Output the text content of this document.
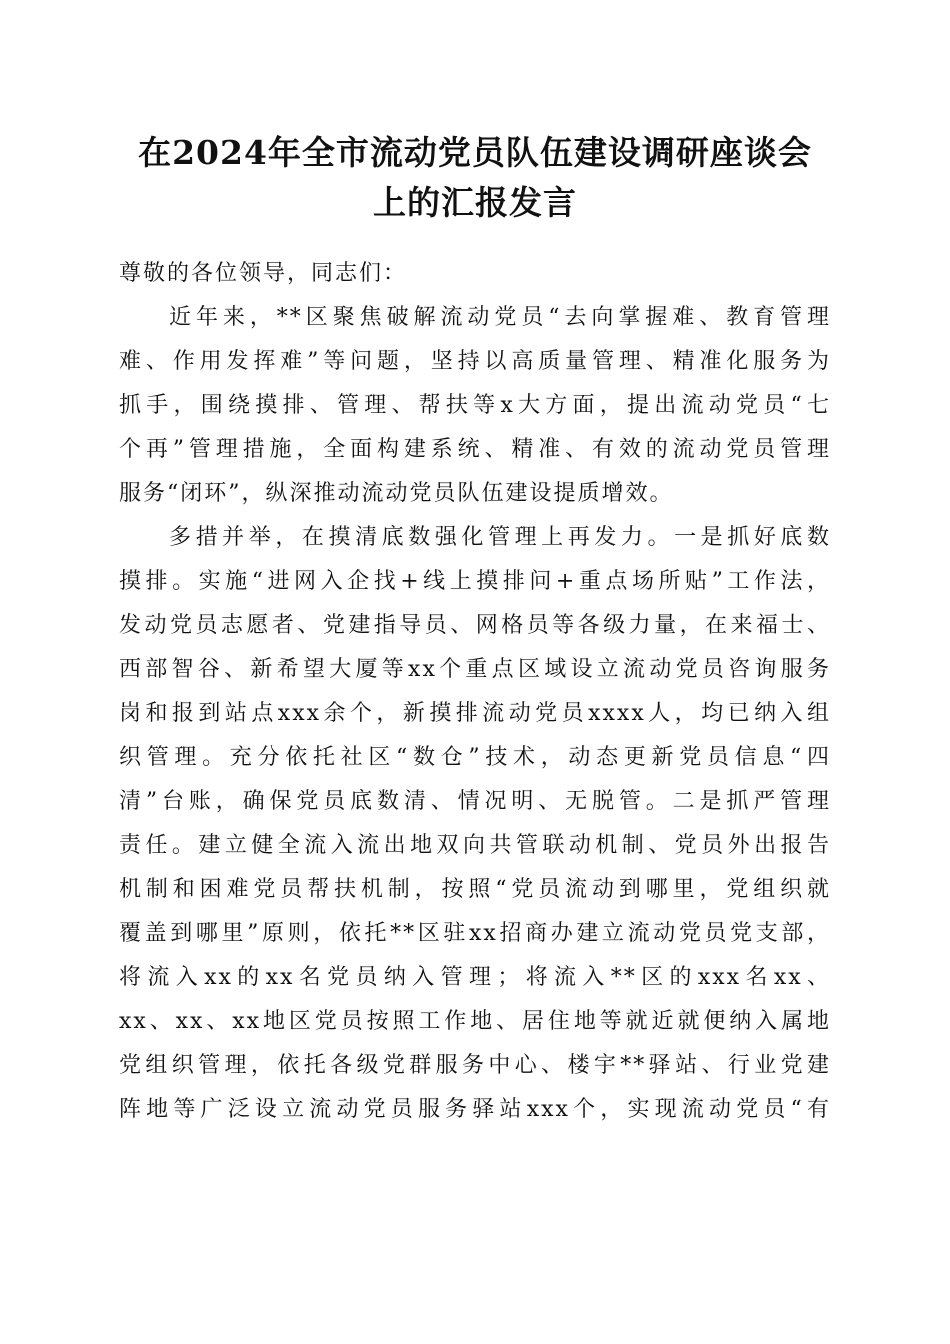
在2024年全市流动党员队伍建设调研座谈会
上的汇报发言
尊敬的各位领导，同志们：
近年来，**区聚焦破解流动党员“去向掌握难、教育管理
难、作用发挥难”等问题，坚持以高质量管理、精准化服务为
抓手，围绕摸排、管理、帮扶等x大方面，提出流动党员“七
个再”管理措施，全面构建系统、精准、有效的流动党员管理
服务“闭环”，纵深推动流动党员队伍建设提质增效。
多措并举，在摸清底数强化管理上再发力。一是抓好底数
摸排。实施“进网入企找+线上摸排问+重点场所贴”工作法，
发动党员志愿者、党建指导员、网格员等各级力量，在来福士、
西部智谷、新希望大厦等xx个重点区域设立流动党员咨询服务
岗和报到站点xxx余个，新摸排流动党员xxxx人，均已纳入组
织管理。充分依托社区“数仓”技术，动态更新党员信息“四
清”台账，确保党员底数清、情况明、无脱管。二是抓严管理
责任。建立健全流入流出地双向共管联动机制、党员外出报告
机制和困难党员帮扶机制，按照“党员流动到哪里，党组织就
覆盖到哪里”原则，依托**区驻xx招商办建立流动党员党支部，
将流入xx的xx名党员纳入管理；将流入**区的xxx名xx、
xx、xx、xx地区党员按照工作地、居住地等就近就便纳入属地
党组织管理，依托各级党群服务中心、楼宇**驿站、行业党建
阵地等广泛设立流动党员服务驿站xxx个，实现流动党员“有
